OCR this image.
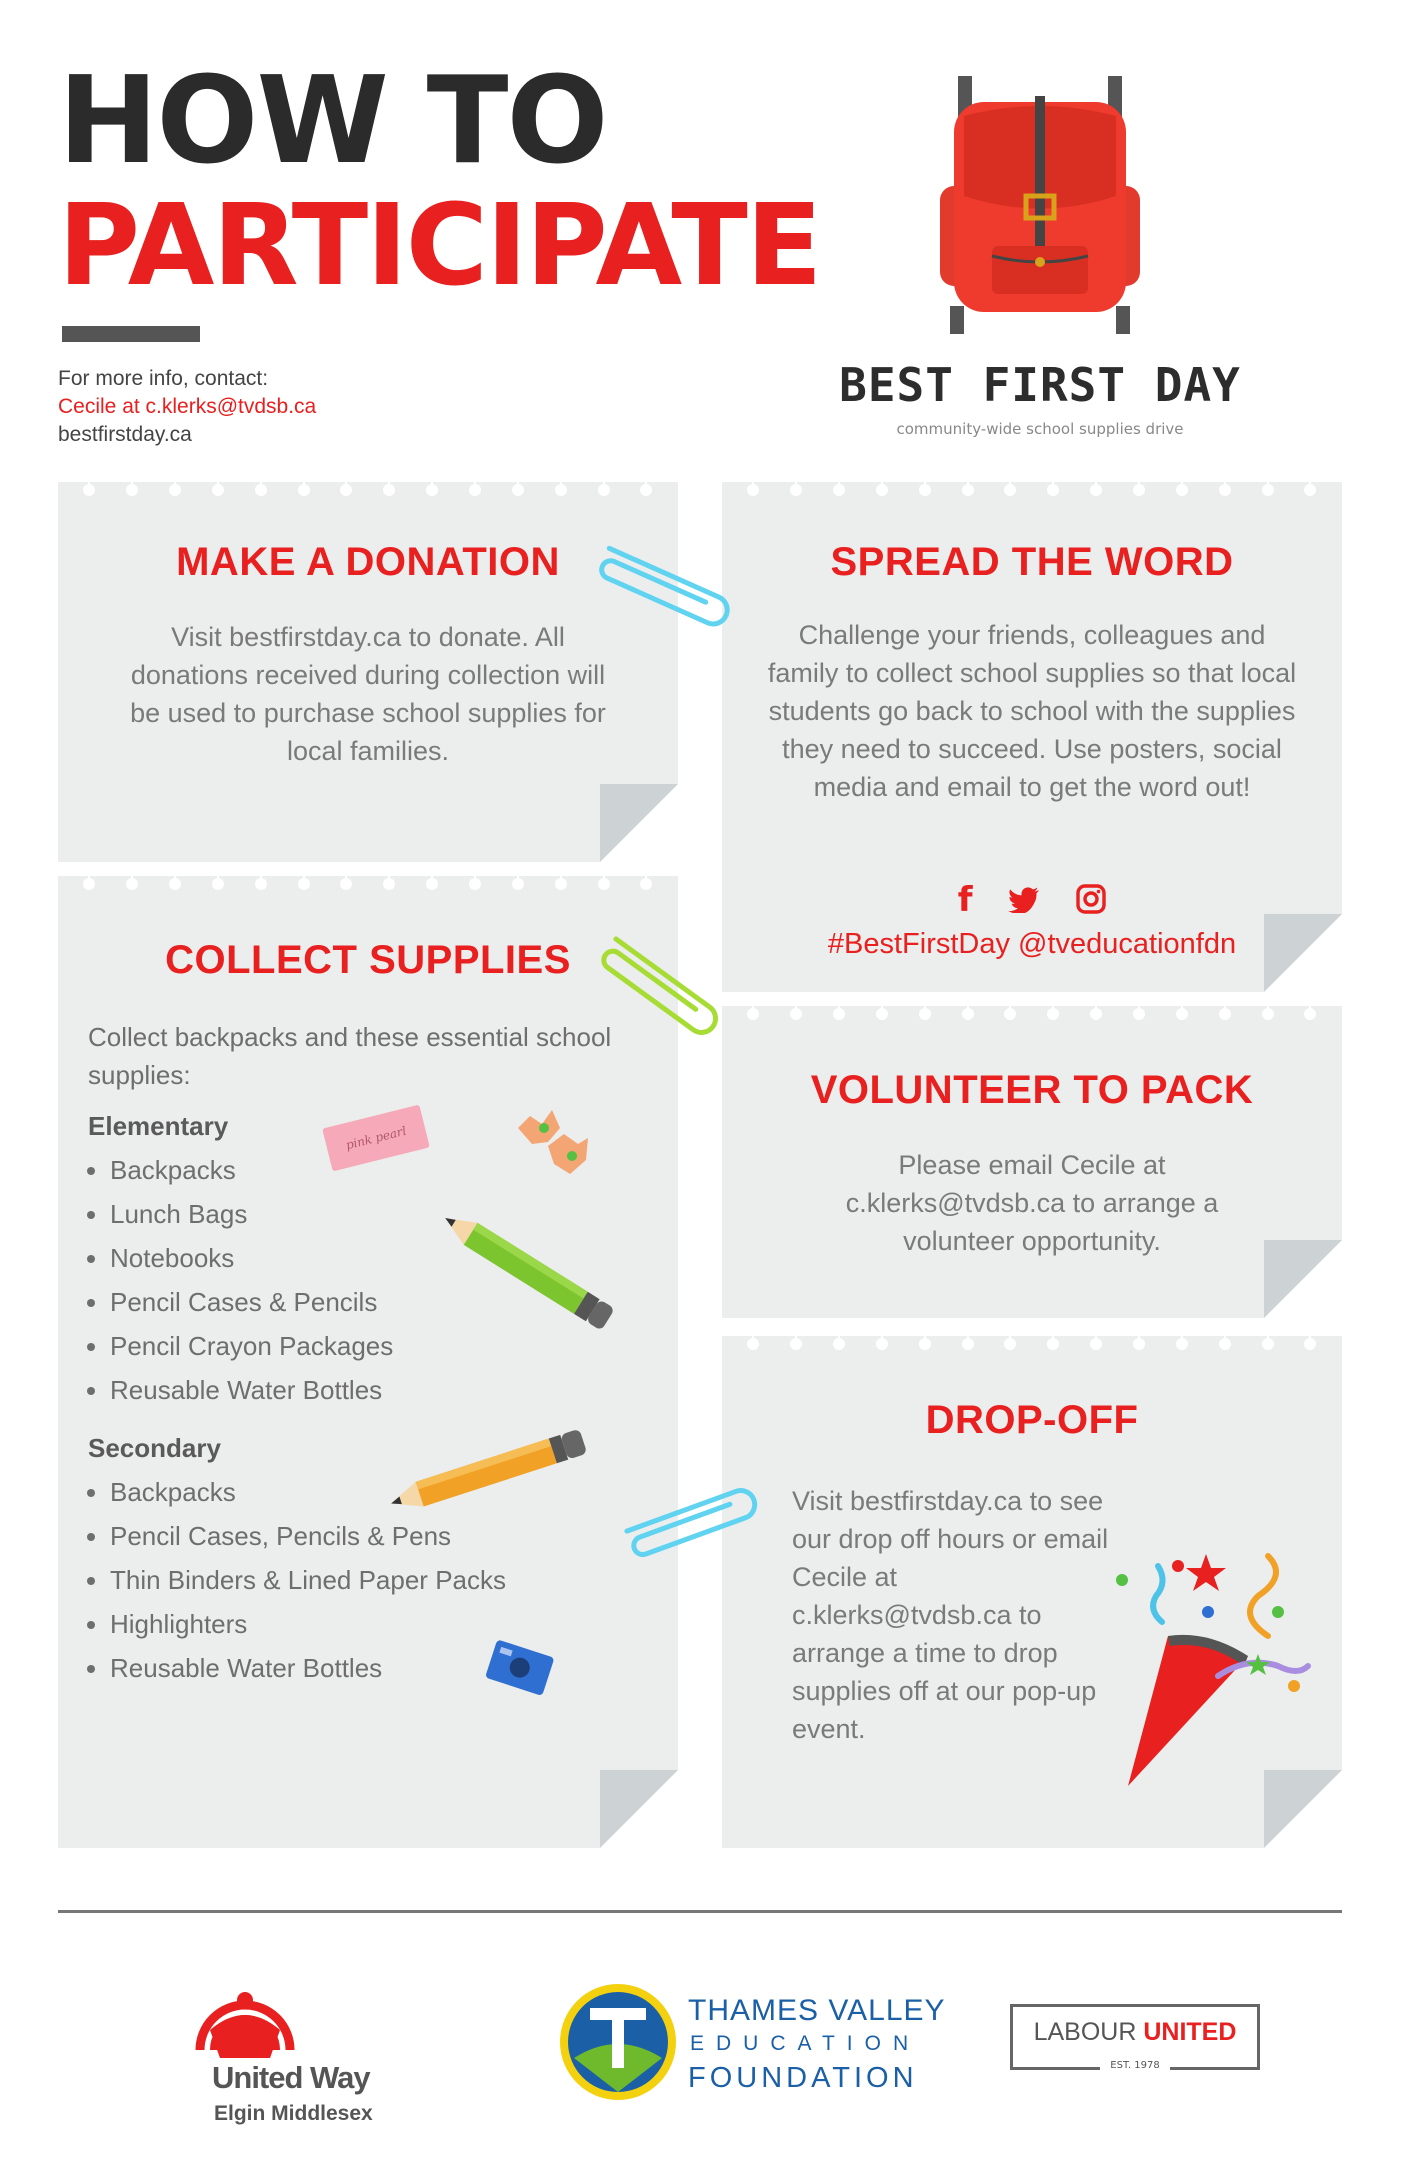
HOW TO
PARTICIPATE
For more info, contact:
Cecile at c.klerks@tvdsb.ca
bestfirstday.ca
BEST FIRST DAY
community-wide school supplies drive
MAKE A DONATION
Visit bestfirstday.ca to donate. All donations received during collection will be used to purchase school supplies for local families.
SPREAD THE WORD
Challenge your friends, colleagues and family to collect school supplies so that local students go back to school with the supplies they need to succeed. Use posters, social media and email to get the word out!
f
#BestFirstDay @tveducationfdn
COLLECT SUPPLIES
Collect backpacks and these essential school supplies:
Elementary
• Backpacks
• Lunch Bags
• Notebooks
• Pencil Cases & Pencils
• Pencil Crayon Packages
• Reusable Water Bottles
Secondary
• Backpacks
• Pencil Cases, Pencils & Pens
• Thin Binders & Lined Paper Packs
• Highlighters
• Reusable Water Bottles
pink pearl
VOLUNTEER TO PACK
Please email Cecile at c.klerks@tvdsb.ca to arrange a volunteer opportunity.
DROP-OFF
Visit bestfirstday.ca to see our drop off hours or email Cecile at c.klerks@tvdsb.ca to arrange a time to drop supplies off at our pop-up event.
United Way
Elgin Middlesex
THAMES VALLEY
EDUCATION
FOUNDATION
LABOUR UNITED
EST. 1978
